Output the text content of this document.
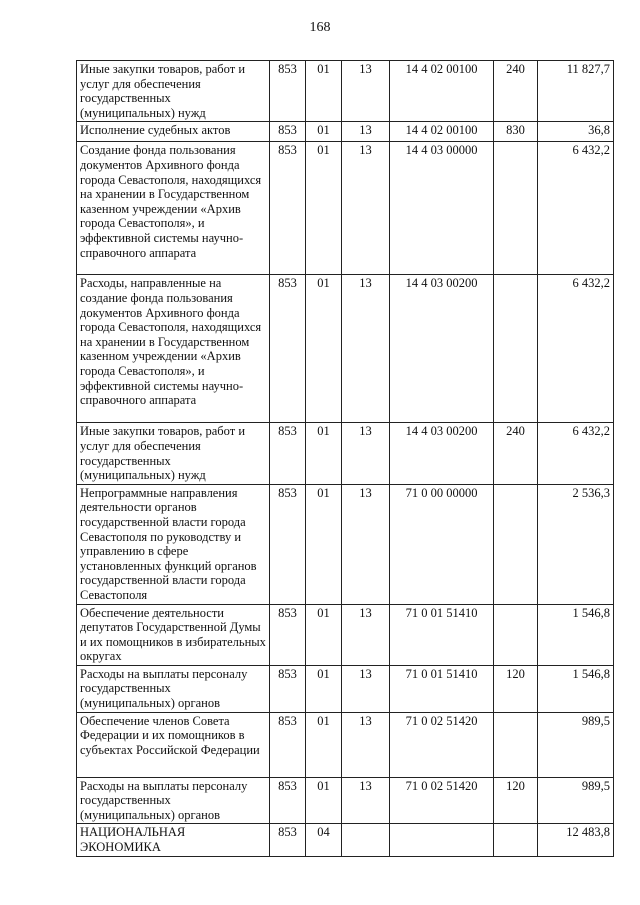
168
Иные закупки товаров, работ и услуг для обеспечения государственных (муниципальных) нужд	853	01	13	14 4 02 00100	240	11 827,7
Исполнение судебных актов	853	01	13	14 4 02 00100	830	36,8
Создание фонда пользования документов Архивного фонда города Севастополя, находящихся на хранении в Государственном казенном учреждении «Архив города Севастополя», и эффективной системы научно-справочного аппарата	853	01	13	14 4 03 00000		6 432,2
Расходы, направленные на создание фонда пользования документов Архивного фонда города Севастополя, находящихся на хранении в Государственном казенном учреждении «Архив города Севастополя», и эффективной системы научно-справочного аппарата	853	01	13	14 4 03 00200		6 432,2
Иные закупки товаров, работ и услуг для обеспечения государственных (муниципальных) нужд	853	01	13	14 4 03 00200	240	6 432,2
Непрограммные направления деятельности органов государственной власти города Севастополя по руководству и управлению в сфере установленных функций органов государственной власти города Севастополя	853	01	13	71 0 00 00000		2 536,3
Обеспечение деятельности депутатов Государственной Думы и их помощников в избирательных округах	853	01	13	71 0 01 51410		1 546,8
Расходы на выплаты персоналу государственных (муниципальных) органов	853	01	13	71 0 01 51410	120	1 546,8
Обеспечение членов Совета Федерации и их помощников в субъектах Российской Федерации	853	01	13	71 0 02 51420		989,5
Расходы на выплаты персоналу государственных (муниципальных) органов	853	01	13	71 0 02 51420	120	989,5
НАЦИОНАЛЬНАЯ ЭКОНОМИКА	853	04				12 483,8
